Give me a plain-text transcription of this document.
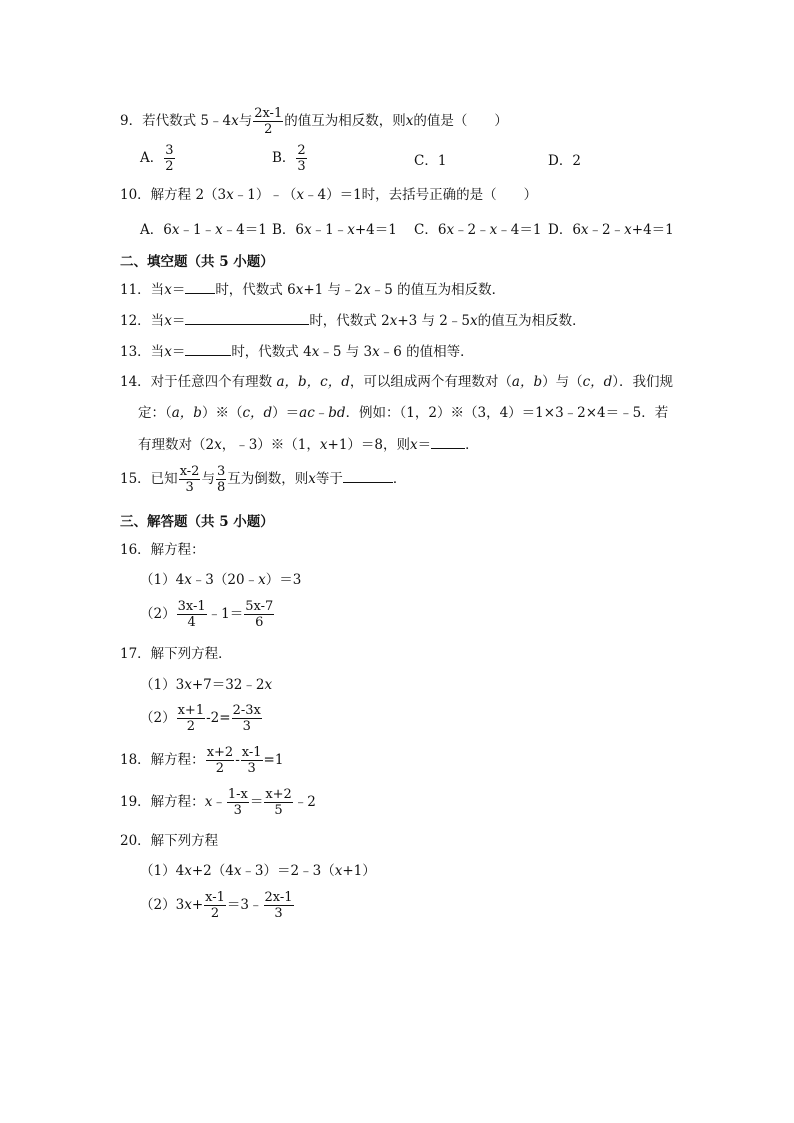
9．若代数式 5﹣4x与 $\frac{2x-1}{2}$ 的值互为相反数，则x的值是（　　）
A． $\frac{3}{2}$	B． $\frac{2}{3}$	C．1	D．2
10．解方程 2（3x﹣1）﹣（x﹣4）＝1时，去括号正确的是（　　）
A．6x﹣1﹣x﹣4＝1 B．6x﹣1﹣x+4＝1 C．6x﹣2﹣x﹣4＝1 D．6x﹣2﹣x+4＝1
二、填空题（共 5 小题）
11．当x＝ 时，代数式 6x+1 与﹣2x﹣5 的值互为相反数．
12．当x＝	时，代数式 2x+3 与 2﹣5x的值互为相反数．
13．当x＝	时，代数式 4x﹣5 与 3x﹣6 的值相等．
14．对于任意四个有理数 a，b，c，d，可以组成两个有理数对（a，b）与（c，d）．我们规
定：（a，b）※（c，d）＝ac﹣bd．例如：（1，2）※（3，4）＝1×3﹣2×4＝﹣5．若
有理数对（2x，﹣3）※（1，x+1）＝8，则x＝	．
15．已知 $\frac{x-2}{3}$ 与 $\frac{3}{8}$ 互为倒数，则x等于	．
三、解答题（共 5 小题）
16．解方程：
（1）4x﹣3（20﹣x）＝3
$(2) \frac{3x-1}{4}$ ﹣1＝ $\frac{5x-7}{6}$
17．解下列方程．
（1）3x+7＝32﹣2x
$(2) \frac{x+1}{2} -2= \frac{2-3x}{3}$
18．解方程： $\frac{x+2}{2} - \frac{x-1}{3} =1$
19．解方程：x﹣ $\frac{1-x}{3} = \frac{x+2}{5}$ ﹣2
20．解下列方程
（1）4x+2（4x﹣3）＝2﹣3（x+1）
$(2)3x+ \frac{x-1}{2}$ ＝3﹣ $\frac{2x-1}{3}$
